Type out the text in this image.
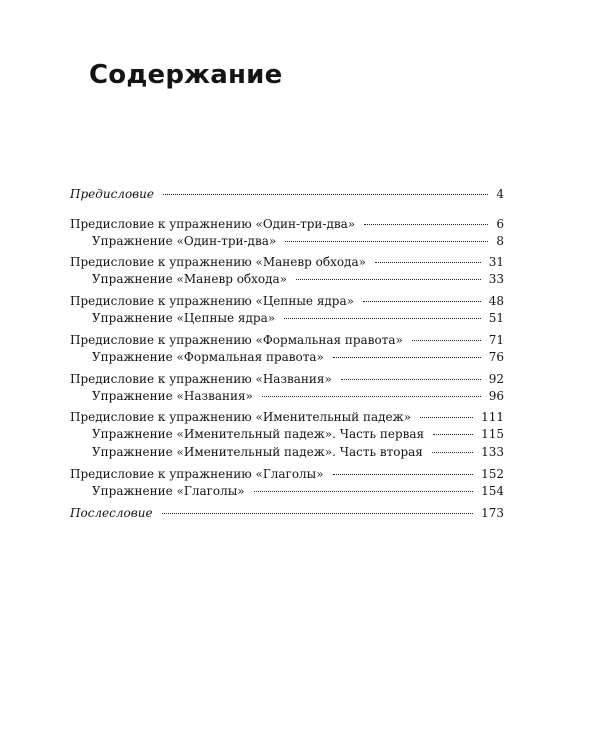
Содержание
Предисловие	4
Предисловие к упражнению «Один-три-два»	6
Упражнение «Один-три-два»	8
Предисловие к упражнению «Маневр обхода»	31
Упражнение «Маневр обхода»	33
Предисловие к упражнению «Цепные ядра»	48
Упражнение «Цепные ядра»	51
Предисловие к упражнению «Формальная правота»	71
Упражнение «Формальная правота»	76
Предисловие к упражнению «Названия»	92
Упражнение «Названия»	96
Предисловие к упражнению «Именительный падеж»	111
Упражнение «Именительный падеж». Часть первая	115
Упражнение «Именительный падеж». Часть вторая	133
Предисловие к упражнению «Глаголы»	152
Упражнение «Глаголы»	154
Послесловие	173
